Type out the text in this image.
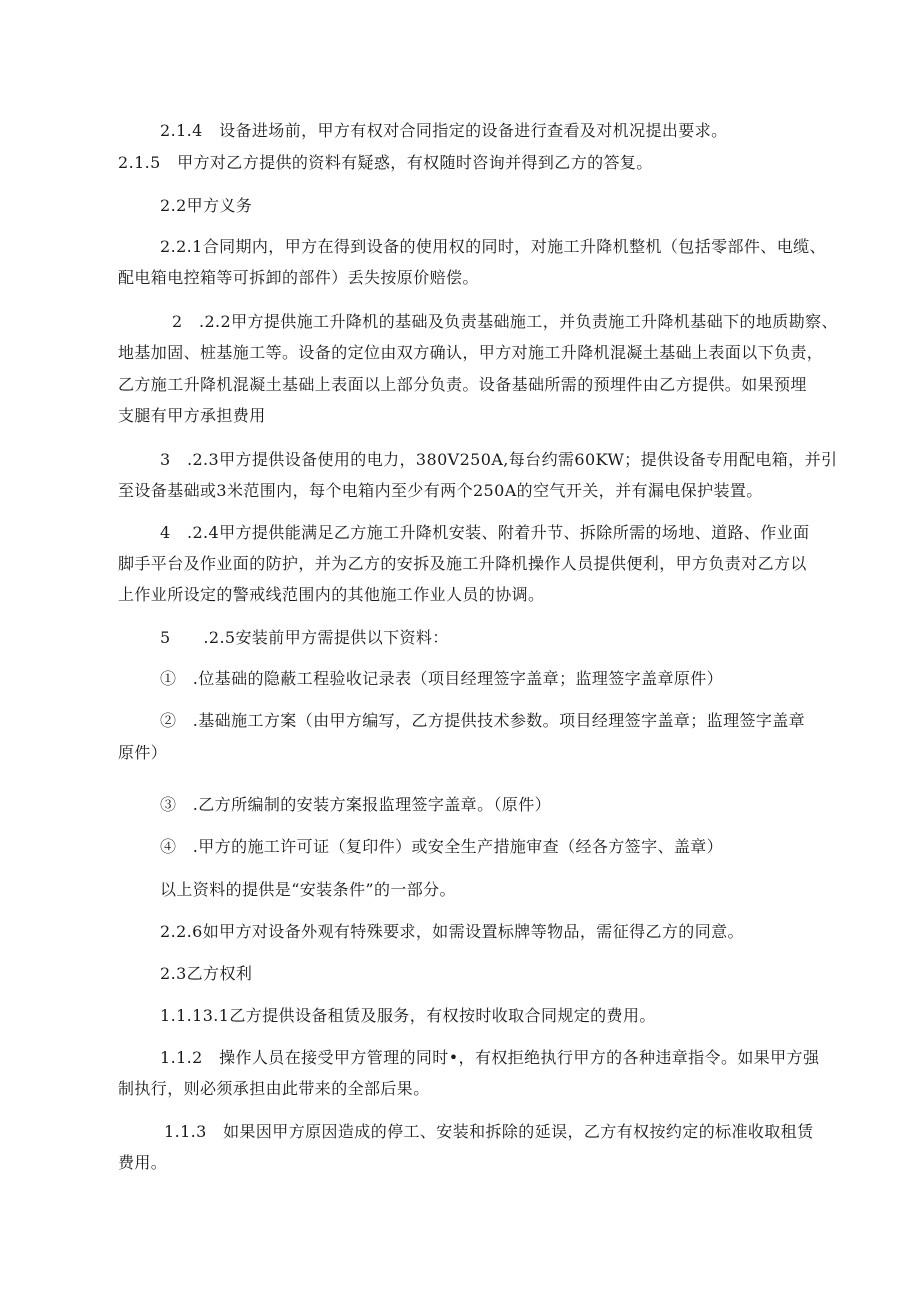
2.1.4　设备进场前，甲方有权对合同指定的设备进行查看及对机况提出要求。
2.1.5　甲方对乙方提供的资料有疑惑，有权随时咨询并得到乙方的答复。
2.2甲方义务
2.2.1合同期内，甲方在得到设备的使用权的同时，对施工升降机整机（包括零部件、电缆、
配电箱电控箱等可拆卸的部件）丢失按原价赔偿。
2　.2.2甲方提供施工升降机的基础及负责基础施工，并负责施工升降机基础下的地质勘察、
地基加固、桩基施工等。设备的定位由双方确认，甲方对施工升降机混凝土基础上表面以下负责，
乙方施工升降机混凝土基础上表面以上部分负责。设备基础所需的预埋件由乙方提供。如果预埋
支腿有甲方承担费用
3　.2.3甲方提供设备使用的电力，380V250A,每台约需60KW；提供设备专用配电箱，并引
至设备基础或3米范围内，每个电箱内至少有两个250A的空气开关，并有漏电保护装置。
4　.2.4甲方提供能满足乙方施工升降机安装、附着升节、拆除所需的场地、道路、作业面
脚手平台及作业面的防护，并为乙方的安拆及施工升降机操作人员提供便利，甲方负责对乙方以
上作业所设定的警戒线范围内的其他施工作业人员的协调。
5　　.2.5安装前甲方需提供以下资料：
①　.位基础的隐蔽工程验收记录表（项目经理签字盖章；监理签字盖章原件）
②　.基础施工方案（由甲方编写，乙方提供技术参数。项目经理签字盖章；监理签字盖章
原件）
③　.乙方所编制的安装方案报监理签字盖章。（原件）
④　.甲方的施工许可证（复印件）或安全生产措施审查（经各方签字、盖章）
以上资料的提供是“安装条件”的一部分。
2.2.6如甲方对设备外观有特殊要求，如需设置标牌等物品，需征得乙方的同意。
2.3乙方权利
1.1.13.1乙方提供设备租赁及服务，有权按时收取合同规定的费用。
1.1.2　操作人员在接受甲方管理的同时•，有权拒绝执行甲方的各种违章指令。如果甲方强
制执行，则必须承担由此带来的全部后果。
1.1.3　如果因甲方原因造成的停工、安装和拆除的延误，乙方有权按约定的标准收取租赁
费用。
